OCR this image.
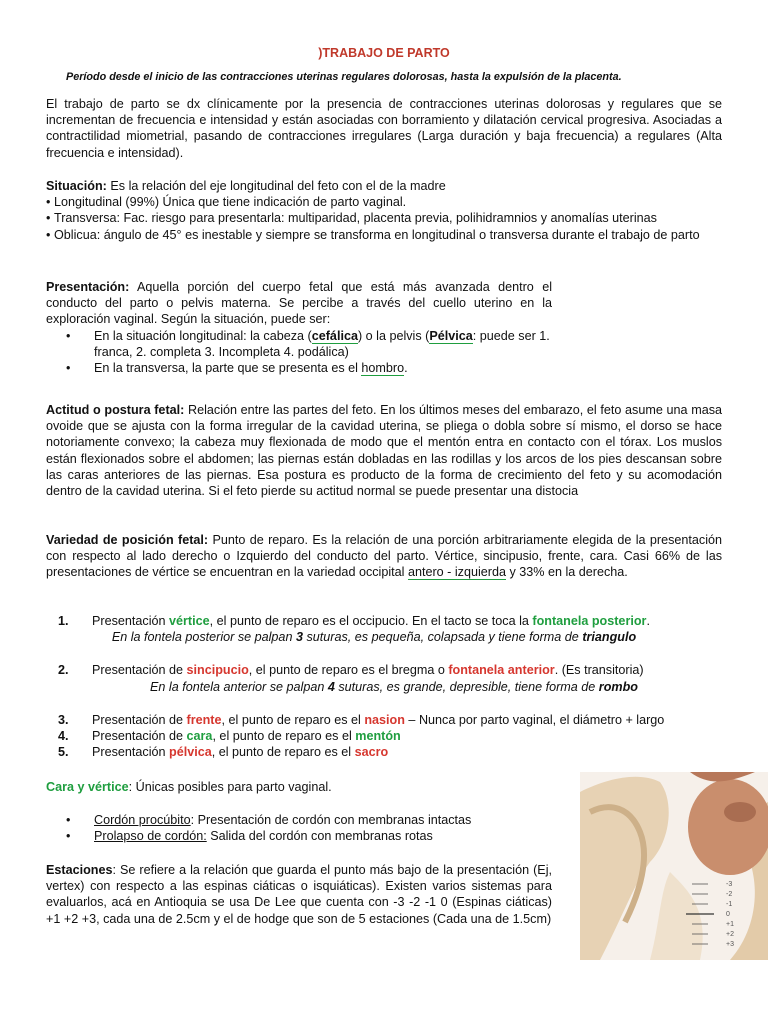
)TRABAJO DE PARTO
Período desde el inicio de las contracciones uterinas regulares dolorosas, hasta la expulsión de la placenta.
El trabajo de parto se dx clínicamente por la presencia de contracciones uterinas dolorosas y regulares que se incrementan de frecuencia e intensidad y están asociadas con borramiento y dilatación cervical progresiva. Asociadas a contractilidad miometrial, pasando de contracciones irregulares (Larga duración y baja frecuencia) a regulares (Alta frecuencia e intensidad).
Situación: Es la relación del eje longitudinal del feto con el de la madre
• Longitudinal (99%) Única que tiene indicación de parto vaginal.
• Transversa: Fac. riesgo para presentarla: multiparidad, placenta previa, polihidramnios y anomalías uterinas
• Oblicua: ángulo de 45° es inestable y siempre se transforma en longitudinal o transversa durante el trabajo de parto
Presentación: Aquella porción del cuerpo fetal que está más avanzada dentro el conducto del parto o pelvis materna. Se percibe a través del cuello uterino en la exploración vaginal. Según la situación, puede ser:
•	En la situación longitudinal: la cabeza (cefálica) o la pelvis (Pélvica: puede ser 1. franca, 2. completa 3. Incompleta 4. podálica)
•	En la transversa, la parte que se presenta es el hombro.
Actitud o postura fetal: Relación entre las partes del feto. En los últimos meses del embarazo, el feto asume una masa ovoide que se ajusta con la forma irregular de la cavidad uterina, se pliega o dobla sobre sí mismo, el dorso se hace notoriamente convexo; la cabeza muy flexionada de modo que el mentón entra en contacto con el tórax. Los muslos están flexionados sobre el abdomen; las piernas están dobladas en las rodillas y los arcos de los pies descansan sobre las caras anteriores de las piernas. Esa postura es producto de la forma de crecimiento del feto y su acomodación dentro de la cavidad uterina. Si el feto pierde su actitud normal se puede presentar una distocia
Variedad de posición fetal: Punto de reparo. Es la relación de una porción arbitrariamente elegida de la presentación con respecto al lado derecho o Izquierdo del conducto del parto. Vértice, sincipusio, frente, cara. Casi 66% de las presentaciones de vértice se encuentran en la variedad occipital antero - izquierda y 33% en la derecha.
1.	Presentación vértice, el punto de reparo es el occipucio. En el tacto se toca la fontanela posterior.
En la fontela posterior se palpan 3 suturas, es pequeña, colapsada y tiene forma de triangulo
2.	Presentación de sincipucio, el punto de reparo es el bregma o fontanela anterior. (Es transitoria)
En la fontela anterior se palpan 4 suturas, es grande, depresible, tiene forma de rombo
3.	Presentación de frente, el punto de reparo es el nasion – Nunca por parto vaginal, el diámetro + largo
4.	Presentación de cara, el punto de reparo es el mentón
5.	Presentación pélvica, el punto de reparo es el sacro
Cara y vértice: Únicas posibles para parto vaginal.
•	Cordón procúbito: Presentación de cordón con membranas intactas
•	Prolapso de cordón: Salida del cordón con membranas rotas
Estaciones: Se refiere a la relación que guarda el punto más bajo de la presentación (Ej, vertex) con respecto a las espinas ciáticas o isquiáticas). Existen varios sistemas para evaluarlos, acá en Antioquia se usa De Lee que cuenta con -3 -2 -1 0 (Espinas ciáticas) +1 +2 +3, cada una de 2.5cm y el de hodge que son de 5 estaciones (Cada una de 1.5cm)
-3
-2
-1
0
+1
+2
+3
